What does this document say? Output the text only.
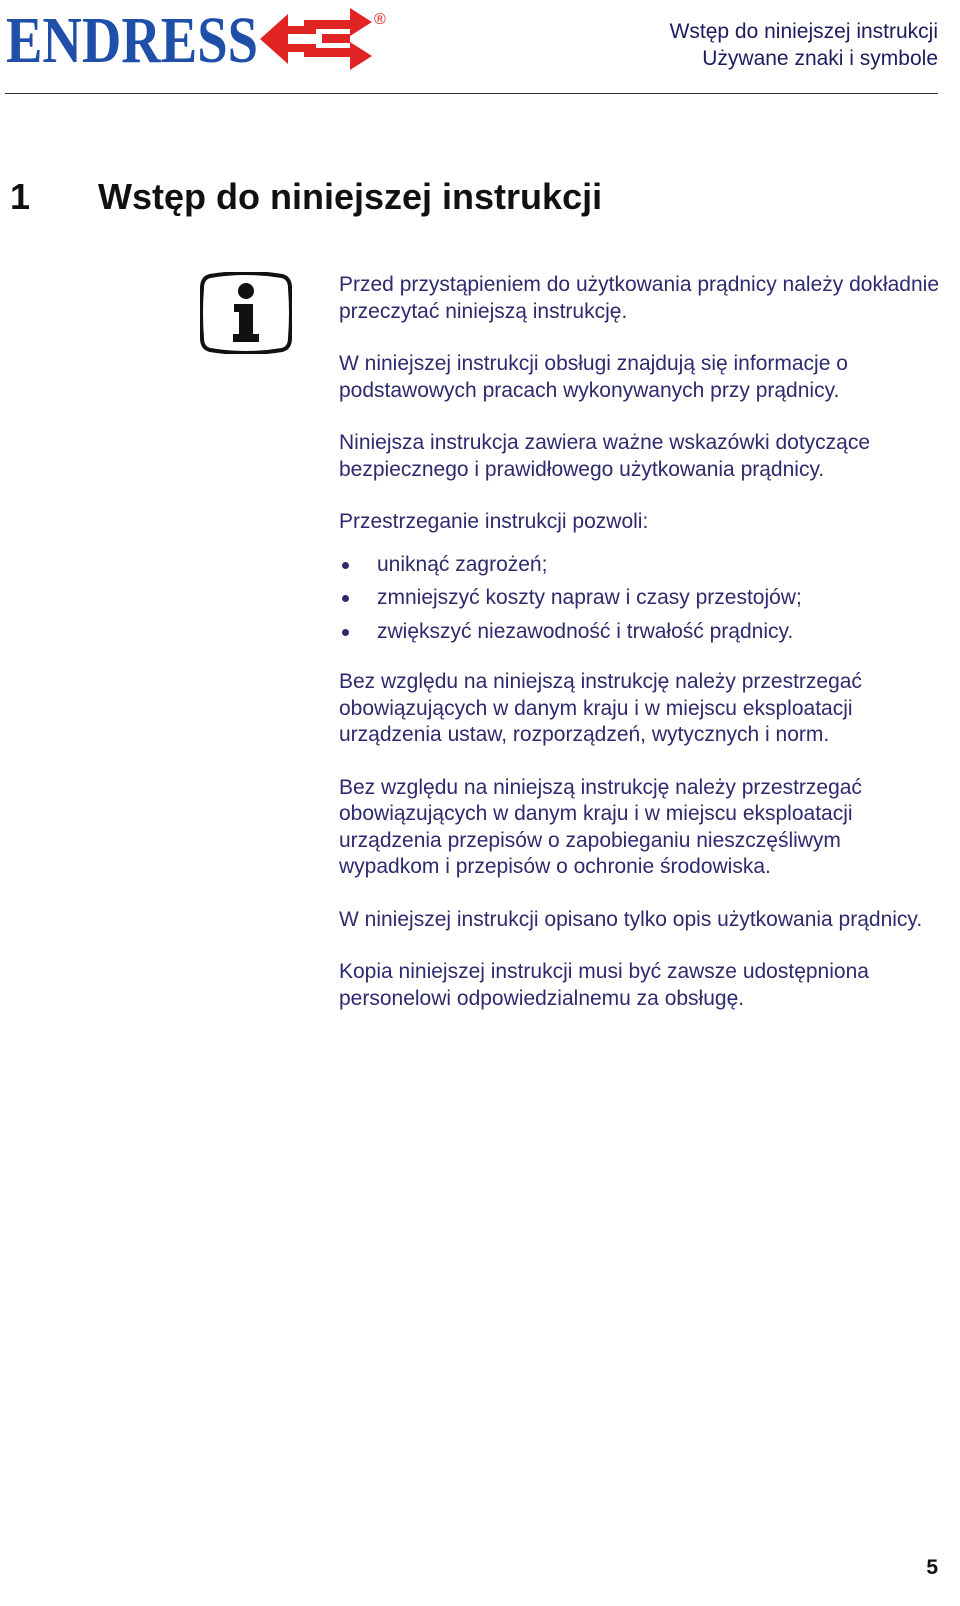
ENDRESS	®
Wstęp do niniejszej instrukcji
Używane znaki i symbole
1 Wstęp do niniejszej instrukcji

Przed przystąpieniem do użytkowania prądnicy należy dokładnie przeczytać niniejszą instrukcję.

W niniejszej instrukcji obsługi znajdują się informacje o podstawowych pracach wykonywanych przy prądnicy.

Niniejsza instrukcja zawiera ważne wskazówki dotyczące bezpiecznego i prawidłowego użytkowania prądnicy.

Przestrzeganie instrukcji pozwoli:

uniknąć zagrożeń;
zmniejszyć koszty napraw i czasy przestojów;
zwiększyć niezawodność i trwałość prądnicy.

Bez względu na niniejszą instrukcję należy przestrzegać obowiązujących w danym kraju i w miejscu eksploatacji urządzenia ustaw, rozporządzeń, wytycznych i norm.

Bez względu na niniejszą instrukcję należy przestrzegać obowiązujących w danym kraju i w miejscu eksploatacji urządzenia przepisów o zapobieganiu nieszczęśliwym wypadkom i przepisów o ochronie środowiska.

W niniejszej instrukcji opisano tylko opis użytkowania prądnicy.

Kopia niniejszej instrukcji musi być zawsze udostępniona personelowi odpowiedzialnemu za obsługę.

5
